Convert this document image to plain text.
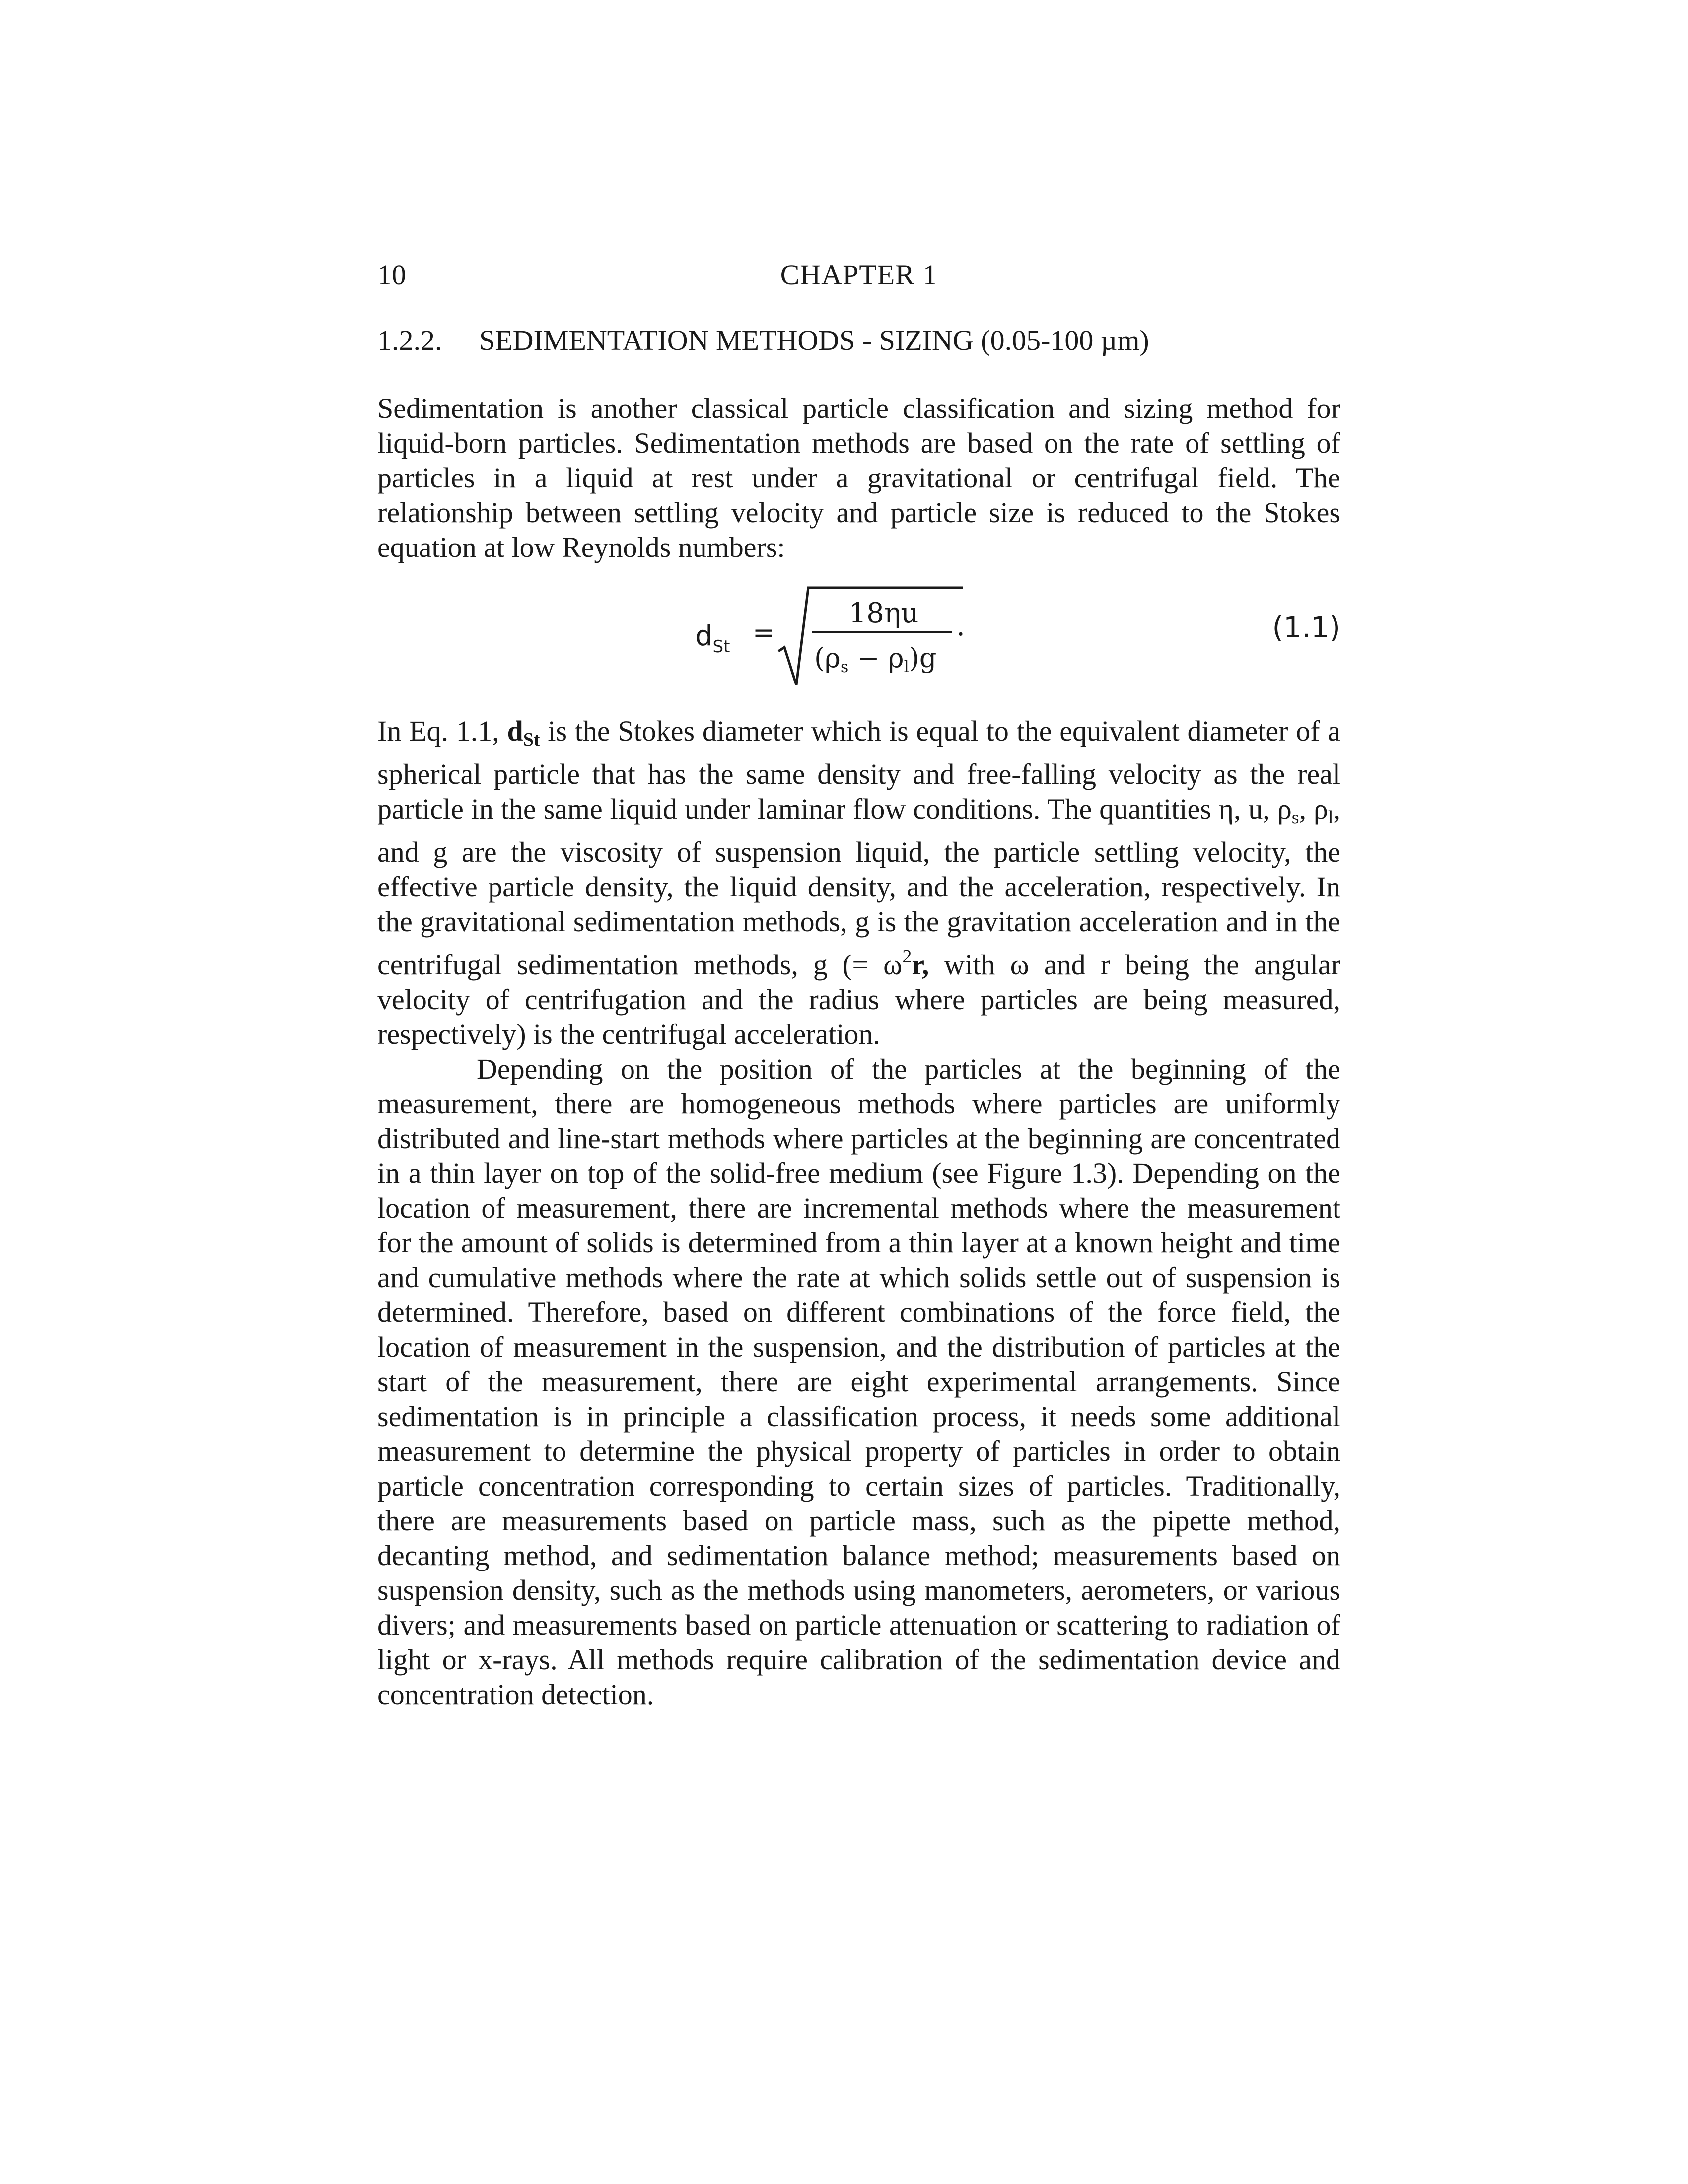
10	CHAPTER 1
1.2.2. SEDIMENTATION METHODS - SIZING (0.05-100 µm)

Sedimentation is another classical particle classification and sizing method for liquid-born particles. Sedimentation methods are based on the rate of settling of particles in a liquid at rest under a gravitational or centrifugal field. The relationship between settling velocity and particle size is reduced to the Stokes equation at low Reynolds numbers:

$d_{St}$ =
18ηu
(ρs − ρl)g
.	(1.1)

In Eq. 1.1, $d_{St}$ is the Stokes diameter which is equal to the equivalent diameter of a spherical particle that has the same density and free-falling velocity as the real particle in the same liquid under laminar flow conditions. The quantities η, u, $\rho_s$, $\rho_l$, and g are the viscosity of suspension liquid, the particle settling velocity, the effective particle density, the liquid density, and the acceleration, respectively. In the gravitational sedimentation methods, g is the gravitation acceleration and in the centrifugal sedimentation methods, g (= $\omega^2r$, with ω and r being the angular velocity of centrifugation and the radius where particles are being measured, respectively) is the centrifugal acceleration.

Depending on the position of the particles at the beginning of the measurement, there are homogeneous methods where particles are uniformly distributed and line-start methods where particles at the beginning are concentrated in a thin layer on top of the solid-free medium (see Figure 1.3). Depending on the location of measurement, there are incremental methods where the measurement for the amount of solids is determined from a thin layer at a known height and time and cumulative methods where the rate at which solids settle out of suspension is determined. Therefore, based on different combinations of the force field, the location of measurement in the suspension, and the distribution of particles at the start of the measurement, there are eight experimental arrangements. Since sedimentation is in principle a classification process, it needs some additional measurement to determine the physical property of particles in order to obtain particle concentration corresponding to certain sizes of particles. Traditionally, there are measurements based on particle mass, such as the pipette method, decanting method, and sedimentation balance method; measurements based on suspension density, such as the methods using manometers, aerometers, or various divers; and measurements based on particle attenuation or scattering to radiation of light or x-rays. All methods require calibration of the sedimentation device and concentration detection.
